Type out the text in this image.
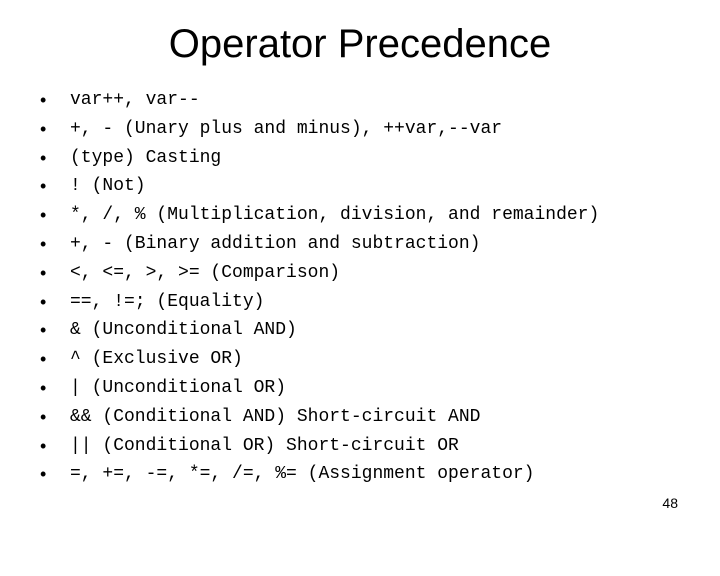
Operator Precedence

•

	var++, var--

•

	+, - (Unary plus and minus), ++var,--var

•

	(type) Casting

•

	! (Not)

•

	*, /, % (Multiplication, division, and remainder)

•

	+, - (Binary addition and subtraction)

•

	<, <=, >, >= (Comparison)

•

	==, !=; (Equality)

•

	& (Unconditional AND)

•

	^ (Exclusive OR)

•

	| (Unconditional OR)

•

	&& (Conditional AND) Short-circuit AND

•

	|| (Conditional OR) Short-circuit OR

•

	=, +=, -=, *=, /=, %= (Assignment operator)

48
